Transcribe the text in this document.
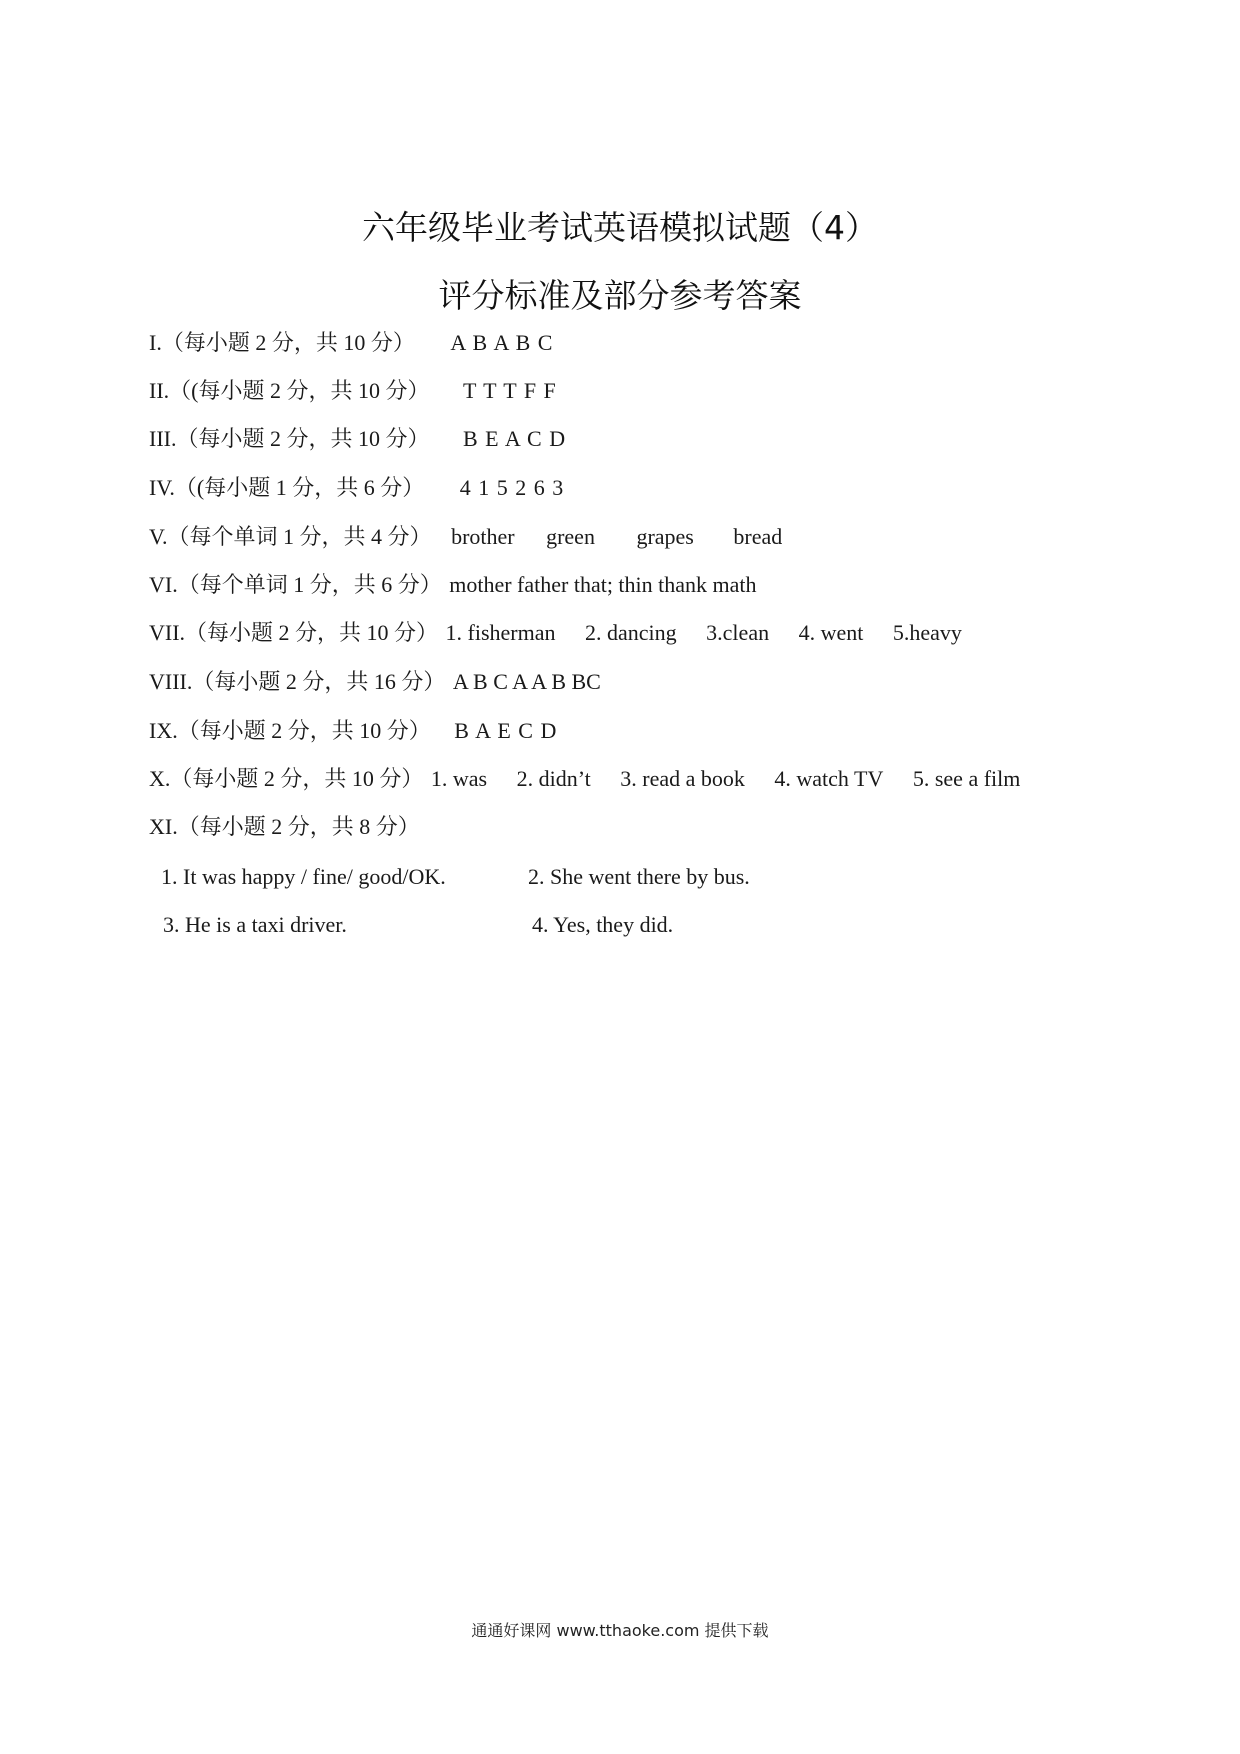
六年级毕业考试英语模拟试题（4）
评分标准及部分参考答案
I.（每小题 2 分，共 10 分） A B A B C
II.（(每小题 2 分，共 10 分） T T T F F
III.（每小题 2 分，共 10 分） B E A C D
IV.（(每小题 1 分，共 6 分） 4 1 5 2 6 3
V.（每个单词 1 分，共 4 分） brother green grapes bread
VI.（每个单词 1 分，共 6 分） mother father that; thin thank math
VII.（每小题 2 分，共 10 分） 1. fisherman 2. dancing 3.clean 4. went 5.heavy
VIII.（每小题 2 分，共 16 分） A B C A A B BC
IX.（每小题 2 分，共 10 分） B A E C D
X.（每小题 2 分，共 10 分） 1. was 2. didn’t 3. read a book 4. watch TV 5. see a film
XI.（每小题 2 分，共 8 分）
1. It was happy / fine/ good/OK.	2. She went there by bus.
3. He is a taxi driver.	4. Yes, they did.
通通好课网 www.tthaoke.com 提供下载
